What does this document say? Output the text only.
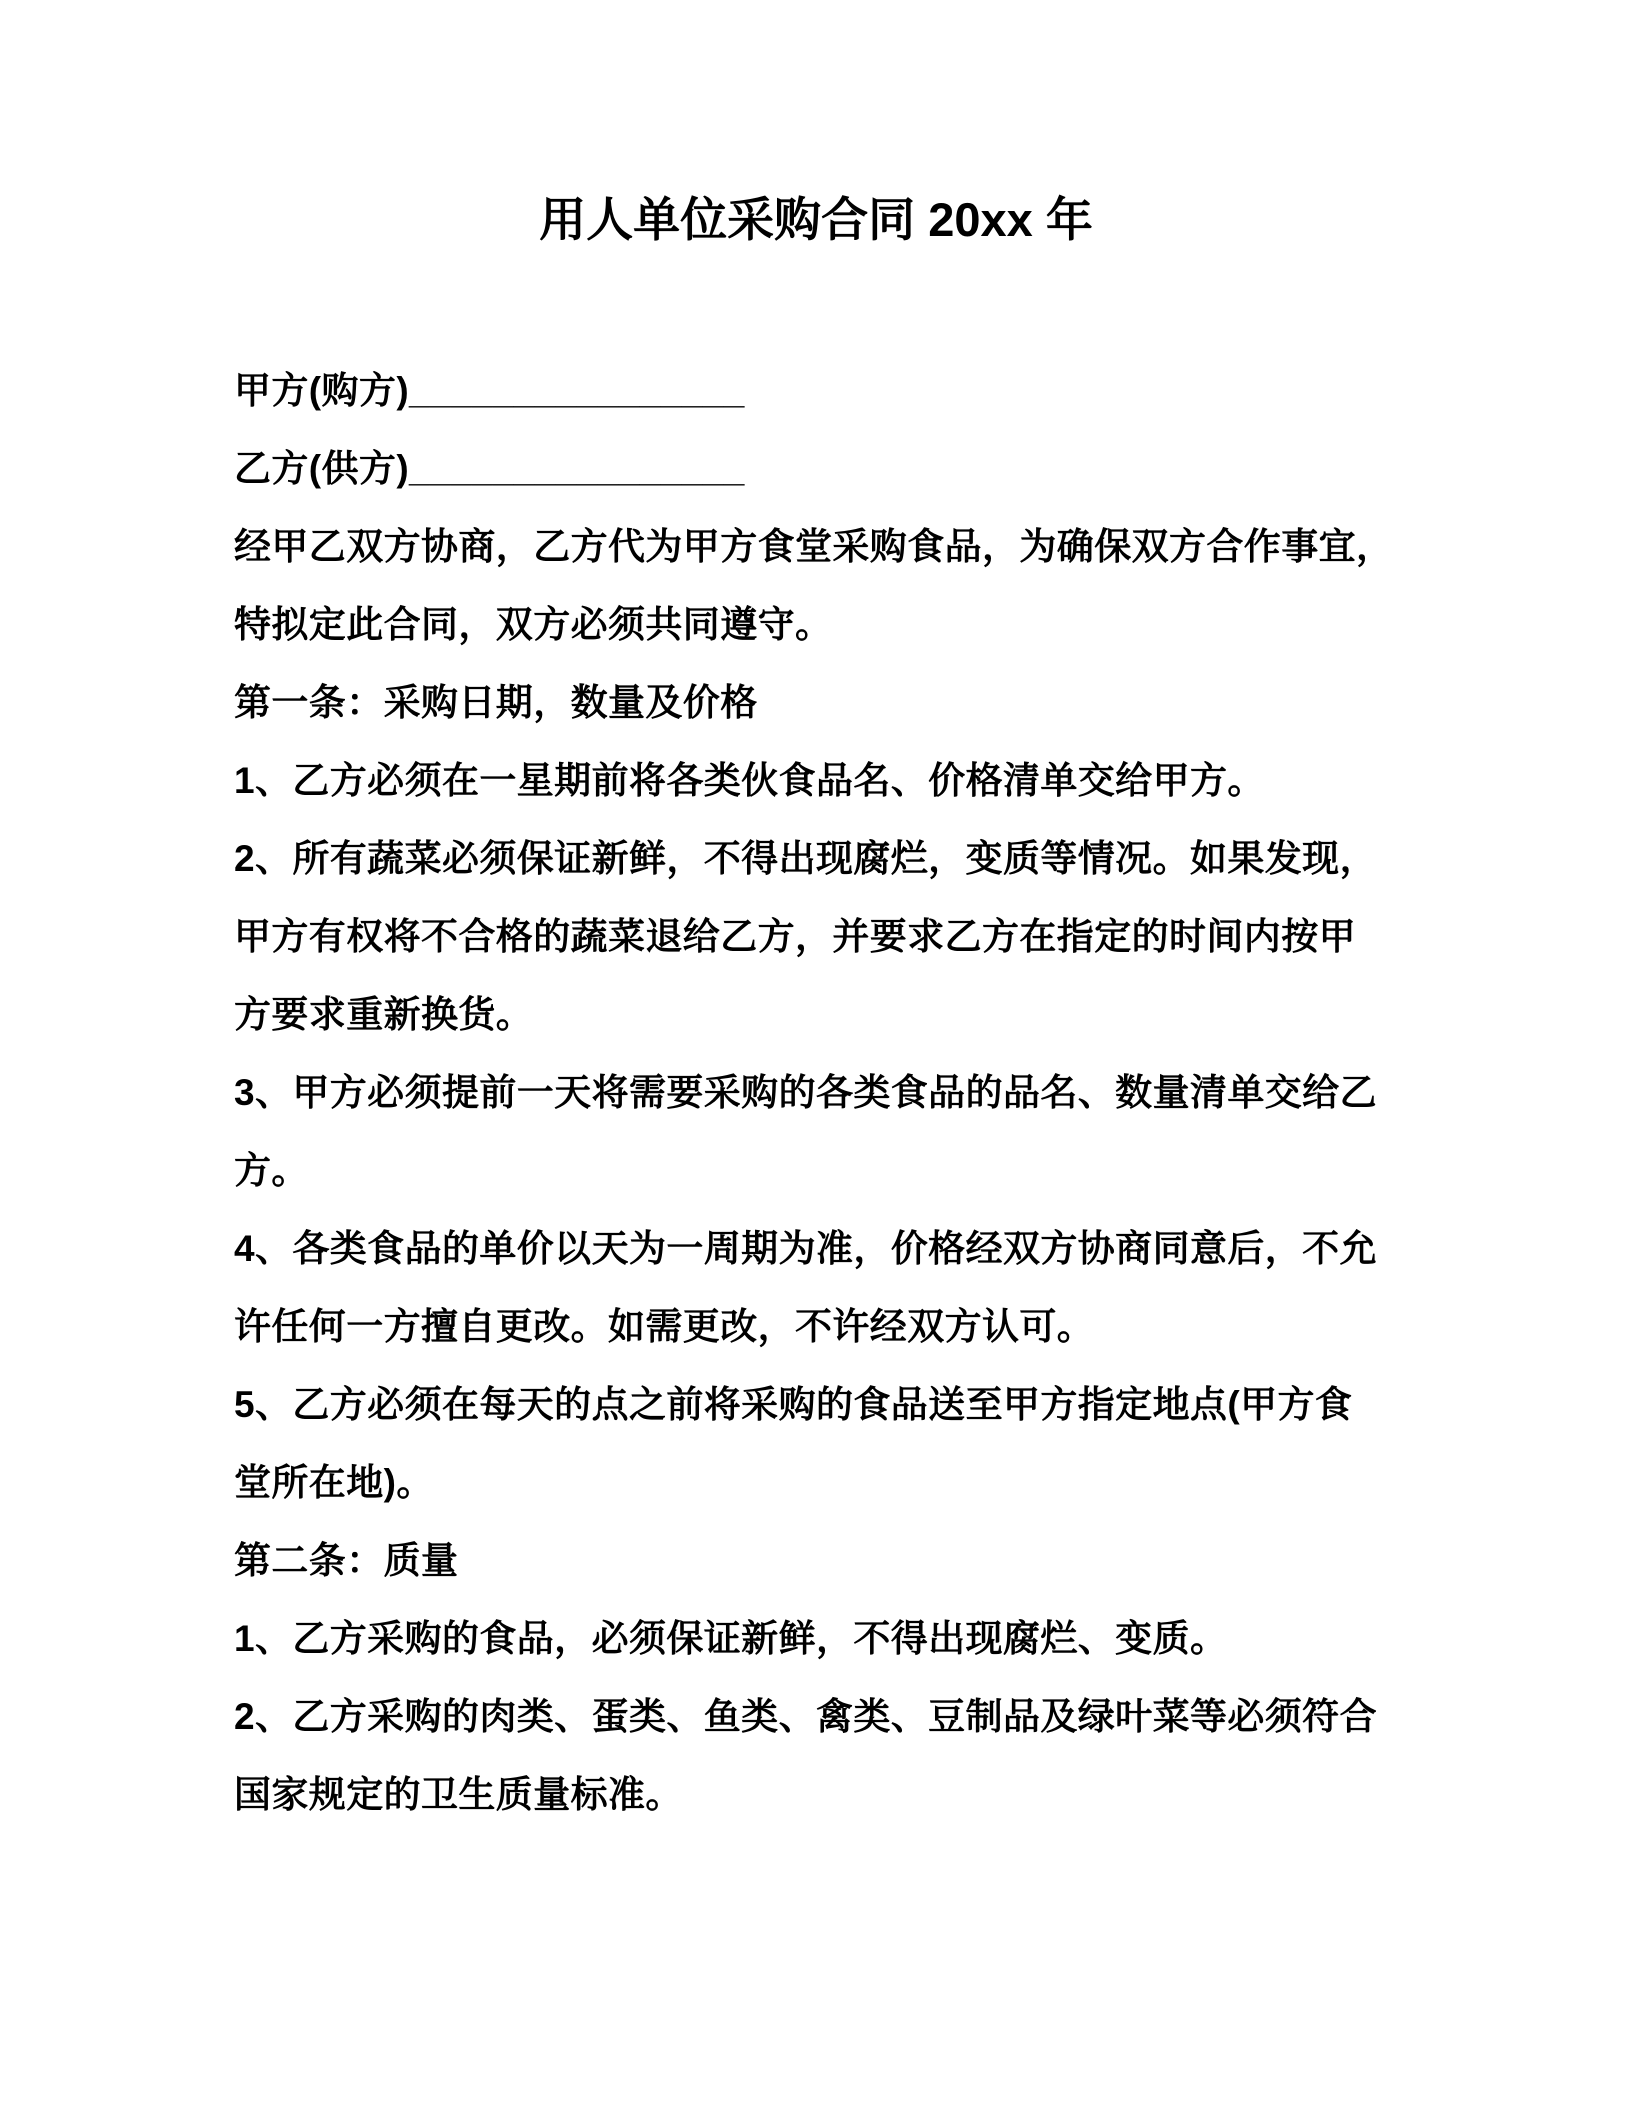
用人单位采购合同 20xx 年
甲方(购方)________________
乙方(供方)________________
经甲乙双方协商，乙方代为甲方食堂采购食品，为确保双方合作事宜，
特拟定此合同，双方必须共同遵守。
第一条：采购日期，数量及价格
1、乙方必须在一星期前将各类伙食品名、价格清单交给甲方。
2、所有蔬菜必须保证新鲜，不得出现腐烂，变质等情况。如果发现，
甲方有权将不合格的蔬菜退给乙方，并要求乙方在指定的时间内按甲
方要求重新换货。
3、甲方必须提前一天将需要采购的各类食品的品名、数量清单交给乙
方。
4、各类食品的单价以天为一周期为准，价格经双方协商同意后，不允
许任何一方擅自更改。如需更改，不许经双方认可。
5、乙方必须在每天的点之前将采购的食品送至甲方指定地点(甲方食
堂所在地)。
第二条：质量
1、乙方采购的食品，必须保证新鲜，不得出现腐烂、变质。
2、乙方采购的肉类、蛋类、鱼类、禽类、豆制品及绿叶菜等必须符合
国家规定的卫生质量标准。
